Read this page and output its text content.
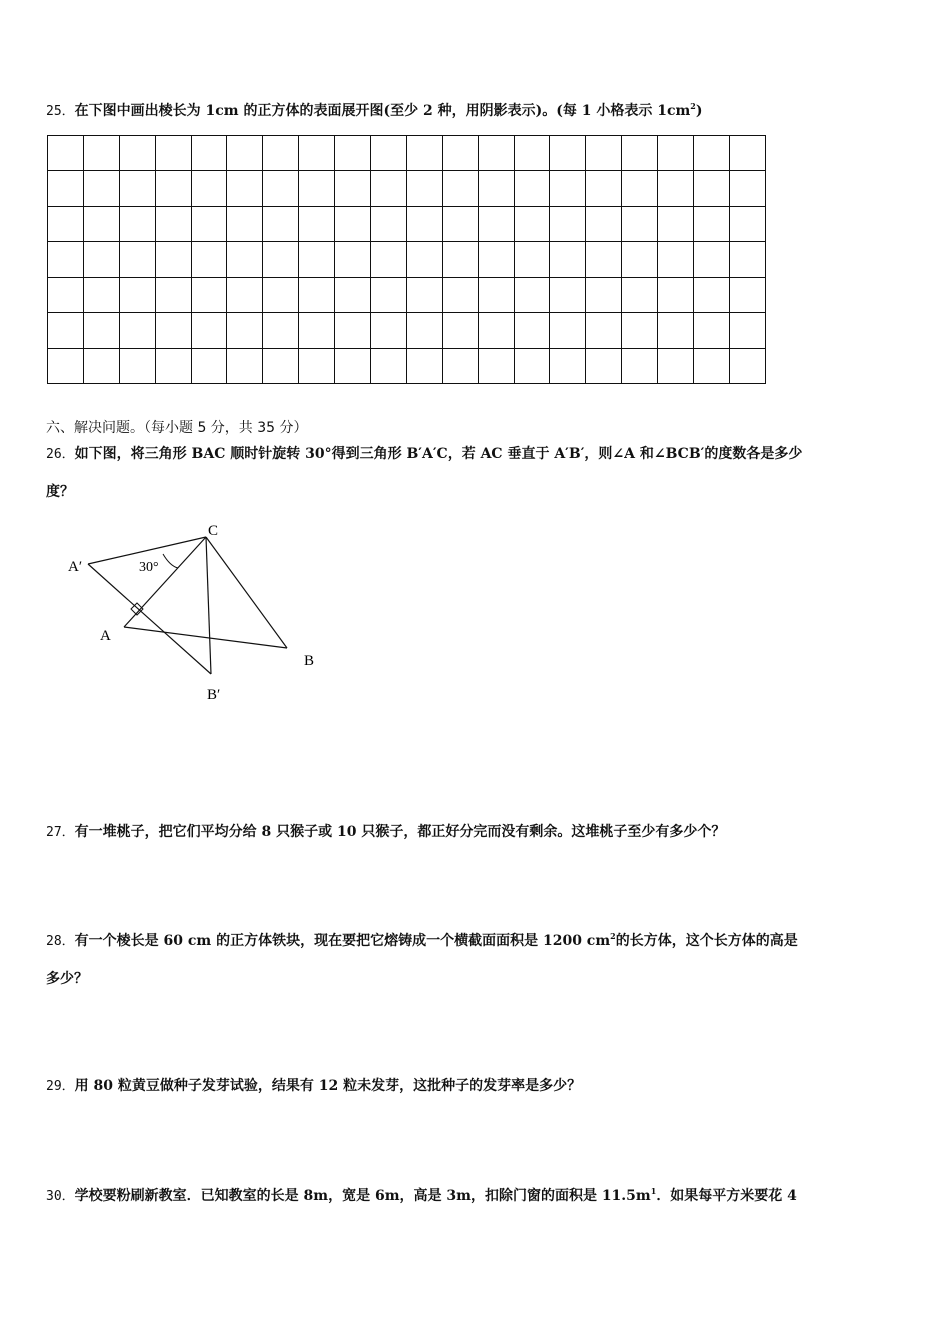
25．在下图中画出棱长为 1cm 的正方体的表面展开图(至少 2 种，用阴影表示)。(每 1 小格表示 $1cm^2$)

六、解决问题。（每小题 5 分，共 35 分）
26．如下图，将三角形 BAC 顺时针旋转 30°得到三角形 B′A′C，若 AC 垂直于 A′B′，则∠A 和∠BCB′的度数各是多少
度？
C
A′	30°
A
B
B′
27．有一堆桃子，把它们平均分给 8 只猴子或 10 只猴子，都正好分完而没有剩余。这堆桃子至少有多少个？
28．有一个棱长是 60 cm 的正方体铁块，现在要把它熔铸成一个横截面面积是 1200 $cm^2$的长方体，这个长方体的高是
多少？
29．用 80 粒黄豆做种子发芽试验，结果有 12 粒未发芽，这批种子的发芽率是多少？
30．学校要粉刷新教室．已知教室的长是 8m，宽是 6m，高是 3m，扣除门窗的面积是 $11.5m^1$．如果每平方米要花 4
